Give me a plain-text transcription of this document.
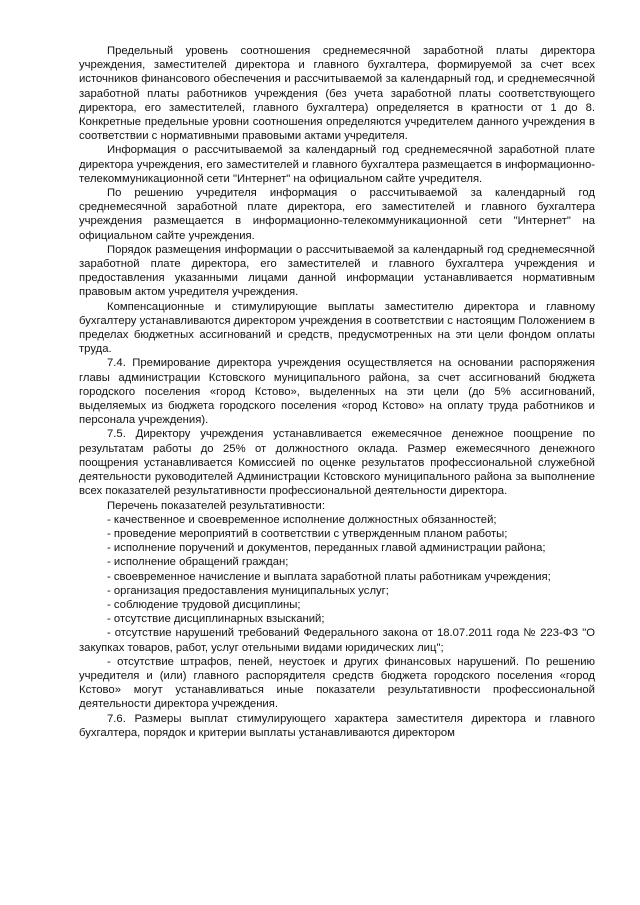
Предельный уровень соотношения среднемесячной заработной платы директора учреждения, заместителей директора и главного бухгалтера, формируемой за счет всех источников финансового обеспечения и рассчитываемой за календарный год, и среднемесячной заработной платы работников учреждения (без учета заработной платы соответствующего директора, его заместителей, главного бухгалтера) определяется в кратности от 1 до 8. Конкретные предельные уровни соотношения определяются учредителем данного учреждения в соответствии с нормативными правовыми актами учредителя.

Информация о рассчитываемой за календарный год среднемесячной заработной плате директора учреждения, его заместителей и главного бухгалтера размещается в информационно-телекоммуникационной сети "Интернет" на официальном сайте учредителя.

По решению учредителя информация о рассчитываемой за календарный год среднемесячной заработной плате директора, его заместителей и главного бухгалтера учреждения размещается в информационно-телекоммуникационной сети "Интернет" на официальном сайте учреждения.

Порядок размещения информации о рассчитываемой за календарный год среднемесячной заработной плате директора, его заместителей и главного бухгалтера учреждения и предоставления указанными лицами данной информации устанавливается нормативным правовым актом учредителя учреждения.

Компенсационные и стимулирующие выплаты заместителю директора и главному бухгалтеру устанавливаются директором учреждения в соответствии с настоящим Положением в пределах бюджетных ассигнований и средств, предусмотренных на эти цели фондом оплаты труда.

7.4. Премирование директора учреждения осуществляется на основании распоряжения главы администрации Кстовского муниципального района, за счет ассигнований бюджета городского поселения «город Кстово», выделенных на эти цели (до 5% ассигнований, выделяемых из бюджета городского поселения «город Кстово» на оплату труда работников и персонала учреждения).

7.5. Директору учреждения устанавливается ежемесячное денежное поощрение по результатам работы до 25% от должностного оклада. Размер ежемесячного денежного поощрения устанавливается Комиссией по оценке результатов профессиональной служебной деятельности руководителей Администрации Кстовского муниципального района за выполнение всех показателей результативности профессиональной деятельности директора.

Перечень показателей результативности:

- качественное и своевременное исполнение должностных обязанностей;

- проведение мероприятий в соответствии с утвержденным планом работы;

- исполнение поручений и документов, переданных главой администрации района;

- исполнение обращений граждан;

- своевременное начисление и выплата заработной платы работникам учреждения;

- организация предоставления муниципальных услуг;

- соблюдение трудовой дисциплины;

- отсутствие дисциплинарных взысканий;

- отсутствие нарушений требований Федерального закона от 18.07.2011 года № 223-ФЗ "О закупках товаров, работ, услуг отельными видами юридических лиц";

- отсутствие штрафов, пеней, неустоек и других финансовых нарушений. По решению учредителя и (или) главного распорядителя средств бюджета городского поселения «город Кстово» могут устанавливаться иные показатели результативности профессиональной деятельности директора учреждения.

7.6. Размеры выплат стимулирующего характера заместителя директора и главного бухгалтера, порядок и критерии выплаты устанавливаются директором
